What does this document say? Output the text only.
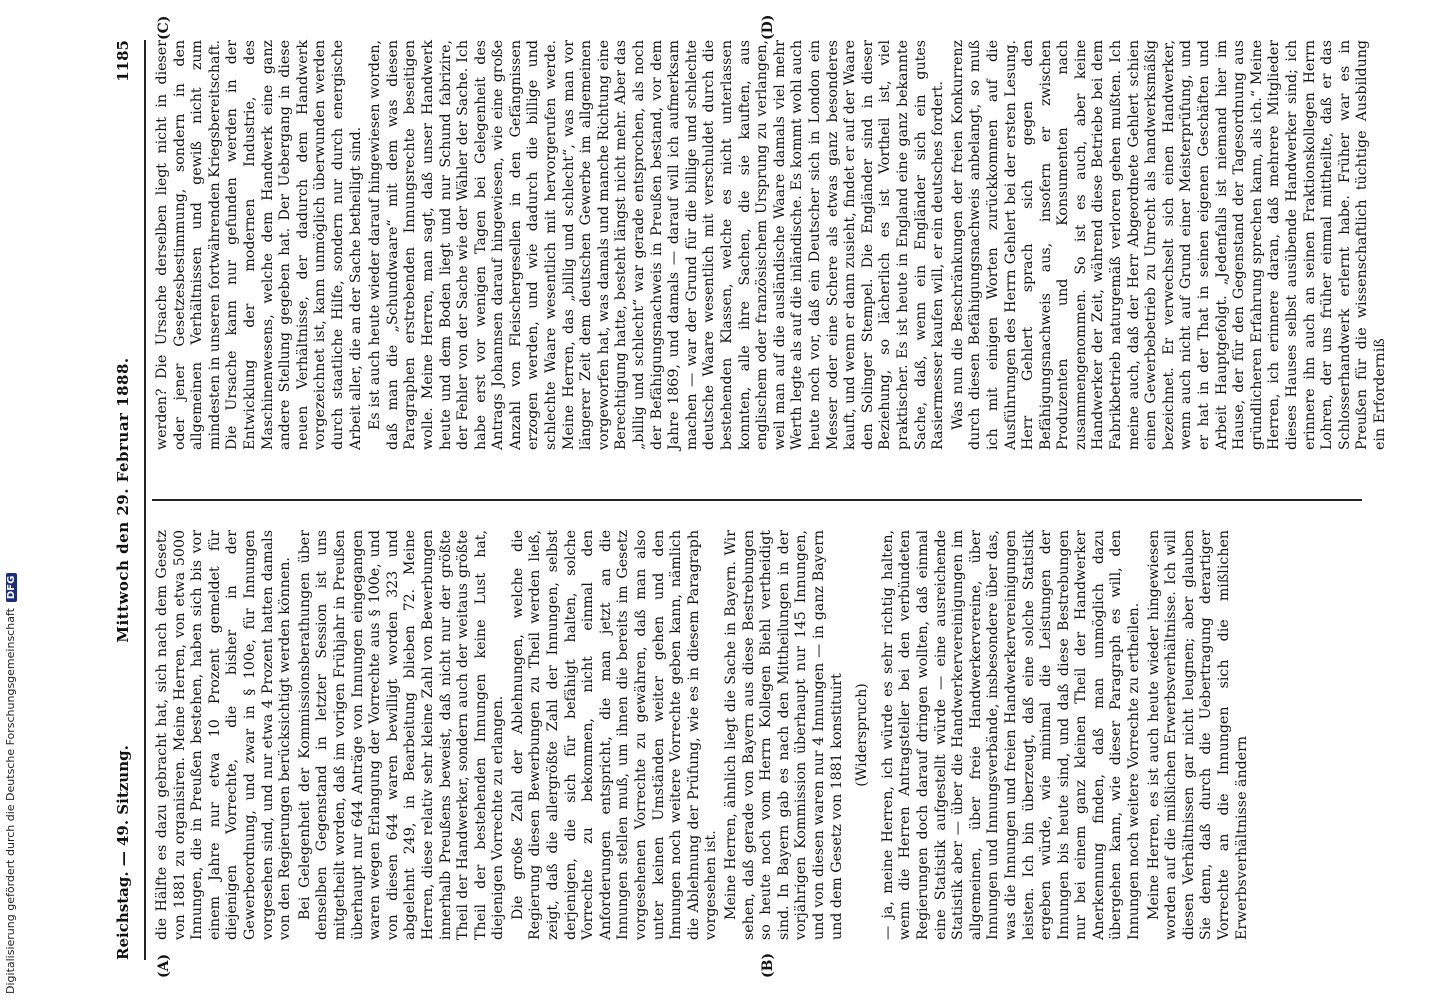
Reichstag. — 49. Sitzung.
Mittwoch den 29. Februar 1888.
1185
(A)	(B)
(C)	(D)

die Hälfte es dazu gebracht hat, sich nach dem Gesetz von 1881 zu organisiren. Meine Herren, von etwa 5000 Innungen, die in Preußen bestehen, haben sich bis vor einem Jahre nur etwa 10 Prozent gemeldet für diejenigen Vorrechte, die bisher in der Gewerbeordnung, und zwar in § 100e, für Innungen vorgesehen sind, und nur etwa 4 Prozent hatten damals von den Regierungen berücksichtigt werden können. Bei Gelegenheit der Kommissionsberathungen über denselben Gegenstand in letzter Session ist uns mitgetheilt worden, daß im vorigen Frühjahr in Preußen überhaupt nur 644 Anträge von Innungen eingegangen waren wegen Erlangung der Vorrechte aus § 100e, und von diesen 644 waren bewilligt worden 323 und abgelehnt 249, in Bearbeitung blieben 72. Meine Herren, diese relativ sehr kleine Zahl von Bewerbungen innerhalb Preußens beweist, daß nicht nur der größte Theil der Handwerker, sondern auch der weitaus größte Theil der bestehenden Innungen keine Lust hat, diejenigen Vorrechte zu erlangen. Die große Zahl der Ablehnungen, welche die Regierung diesen Bewerbungen zu Theil werden ließ, zeigt, daß die allergrößte Zahl der Innungen, selbst derjenigen, die sich für befähigt halten, solche Vorrechte zu bekommen, nicht einmal den Anforderungen entspricht, die man jetzt an die Innungen stellen muß, um ihnen die bereits im Gesetz vorgesehenen Vorrechte zu gewähren, daß man also unter keinen Umständen weiter gehen und den Innungen noch weitere Vorrechte geben kann, nämlich die Ablehnung der Prüfung, wie es in diesem Paragraph vorgesehen ist. Meine Herren, ähnlich liegt die Sache in Bayern. Wir sehen, daß gerade von Bayern aus diese Bestrebungen so heute noch vom Herrn Kollegen Biehl vertheidigt sind. In Bayern gab es nach den Mittheilungen in der vorjährigen Kommission überhaupt nur 145 Innungen, und von diesen waren nur 4 Innungen — in ganz Bayern und dem Gesetz von 1881 konstituirt (Widerspruch) — ja, meine Herren, ich würde es sehr richtig halten, wenn die Herren Antragsteller bei den verbündeten Regierungen doch darauf dringen wollten, daß einmal eine Statistik aufgestellt würde — eine ausreichende Statistik aber — über die Handwerkervereinigungen im allgemeinen, über freie Handwerkervereine, über Innungen und Innungsverbände, insbesondere über das, was die Innungen und freien Handwerkervereinigungen leisten. Ich bin überzeugt, daß eine solche Statistik ergeben würde, wie minimal die Leistungen der Innungen bis heute sind, und daß diese Bestrebungen nur bei einem ganz kleinen Theil der Handwerker Anerkennung finden, daß man unmöglich dazu übergehen kann, wie dieser Paragraph es will, den Innungen noch weitere Vorrechte zu ertheilen. Meine Herren, es ist auch heute wieder hingewiesen worden auf die mißlichen Erwerbsverhältnisse. Ich will diesen Verhältnissen gar nicht leugnen; aber glauben Sie denn, daß durch die Uebertragung derartiger Vorrechte an die Innungen sich die mißlichen Erwerbsverhältnisse ändern

werden? Die Ursache derselben liegt nicht in dieser oder jener Gesetzesbestimmung, sondern in den allgemeinen Verhältnissen und gewiß nicht zum mindesten in unseren fortwährenden Kriegsbereitschaft. Die Ursache kann nur gefunden werden in der Entwicklung der modernen Industrie, des Maschinenwesens, welche dem Handwerk eine ganz andere Stellung gegeben hat. Der Uebergang in diese neuen Verhältnisse, der dadurch dem Handwerk vorgezeichnet ist, kann unmöglich überwunden werden durch staatliche Hilfe, sondern nur durch energische Arbeit aller, die an der Sache betheiligt sind. Es ist auch heute wieder darauf hingewiesen worden, daß man die „Schundwaare“ mit dem was diesen Paragraphen erstrebenden Innungsrechte beseitigen wolle. Meine Herren, man sagt, daß unser Handwerk heute und dem Boden liegt und nur Schund fabrizire, der Fehler von der Sache wie der Wähler der Sache. Ich habe erst vor wenigen Tagen bei Gelegenheit des Antrags Johannsen darauf hingewiesen, wie eine große Anzahl von Fleischergesellen in den Gefängnissen erzogen werden, und wie dadurch die billige und schlechte Waare wesentlich mit hervorgerufen werde. Meine Herren, das „billig und schlecht“, was man vor längerer Zeit dem deutschen Gewerbe im allgemeinen vorgeworfen hat, was damals und manche Richtung eine Berechtigung hatte, besteht längst nicht mehr. Aber das „billig und schlecht“ war gerade entsprochen, als noch der Befähigungsnachweis in Preußen bestand, vor dem Jahre 1869, und damals — darauf will ich aufmerksam machen — war der Grund für die billige und schlechte deutsche Waare wesentlich mit verschuldet durch die bestehenden Klassen, welche es nicht unterlassen konnten, alle ihre Sachen, die sie kauften, aus englischem oder französischem Ursprung zu verlangen, weil man auf die ausländische Waare damals viel mehr Werth legte als auf die inländische. Es kommt wohl auch heute noch vor, daß ein Deutscher sich in London ein Messer oder eine Schere als etwas ganz besonderes kauft, und wenn er dann zusieht, findet er auf der Waare den Solinger Stempel. Die Engländer sind in dieser Beziehung, so lächerlich es ist Vortheil ist, viel praktischer. Es ist heute in England eine ganz bekannte Sache, daß, wenn ein Engländer sich ein gutes Rasiermesser kaufen will, er ein deutsches fordert. Was nun die Beschränkungen der freien Konkurrenz durch diesen Befähigungsnachweis anbelangt, so muß ich mit einigen Worten zurückkommen auf die Ausführungen des Herrn Gehlert bei der ersten Lesung. Herr Gehlert sprach sich gegen den Befähigungsnachweis aus, insofern er zwischen Produzenten und Konsumenten nach zusammengenommen. So ist es auch, aber keine Handwerker der Zeit, während diese Betriebe bei dem Fabrikbetrieb naturgemäß verloren gehen mußten. Ich meine auch, daß der Herr Abgeordnete Gehlert schien einen Gewerbebetrieb zu Unrecht als handwerksmäßig bezeichnet. Er verwechselt sich einen Handwerker, wenn auch nicht auf Grund einer Meisterprüfung, und er hat in der That in seinen eigenen Geschäften und Arbeit Hauptgefolgt. „Jedenfalls ist niemand hier im Hause, der für den Gegenstand der Tagesordnung aus gründlicheren Erfahrung sprechen kann, als ich.“ Meine Herren, ich erinnere daran, daß mehrere Mitglieder dieses Hauses selbst ausübende Handwerker sind; ich erinnere ihn auch an seinen Fraktionskollegen Herrn Lohren, der uns früher einmal mittheilte, daß er das Schlosserhandwerk erlernt habe. Früher war es in Preußen für die wissenschaftlich tüchtige Ausbildung ein Erforderniß

Digitalisierung gefördert durch die Deutsche ForschungsgemeinschaftDFG
